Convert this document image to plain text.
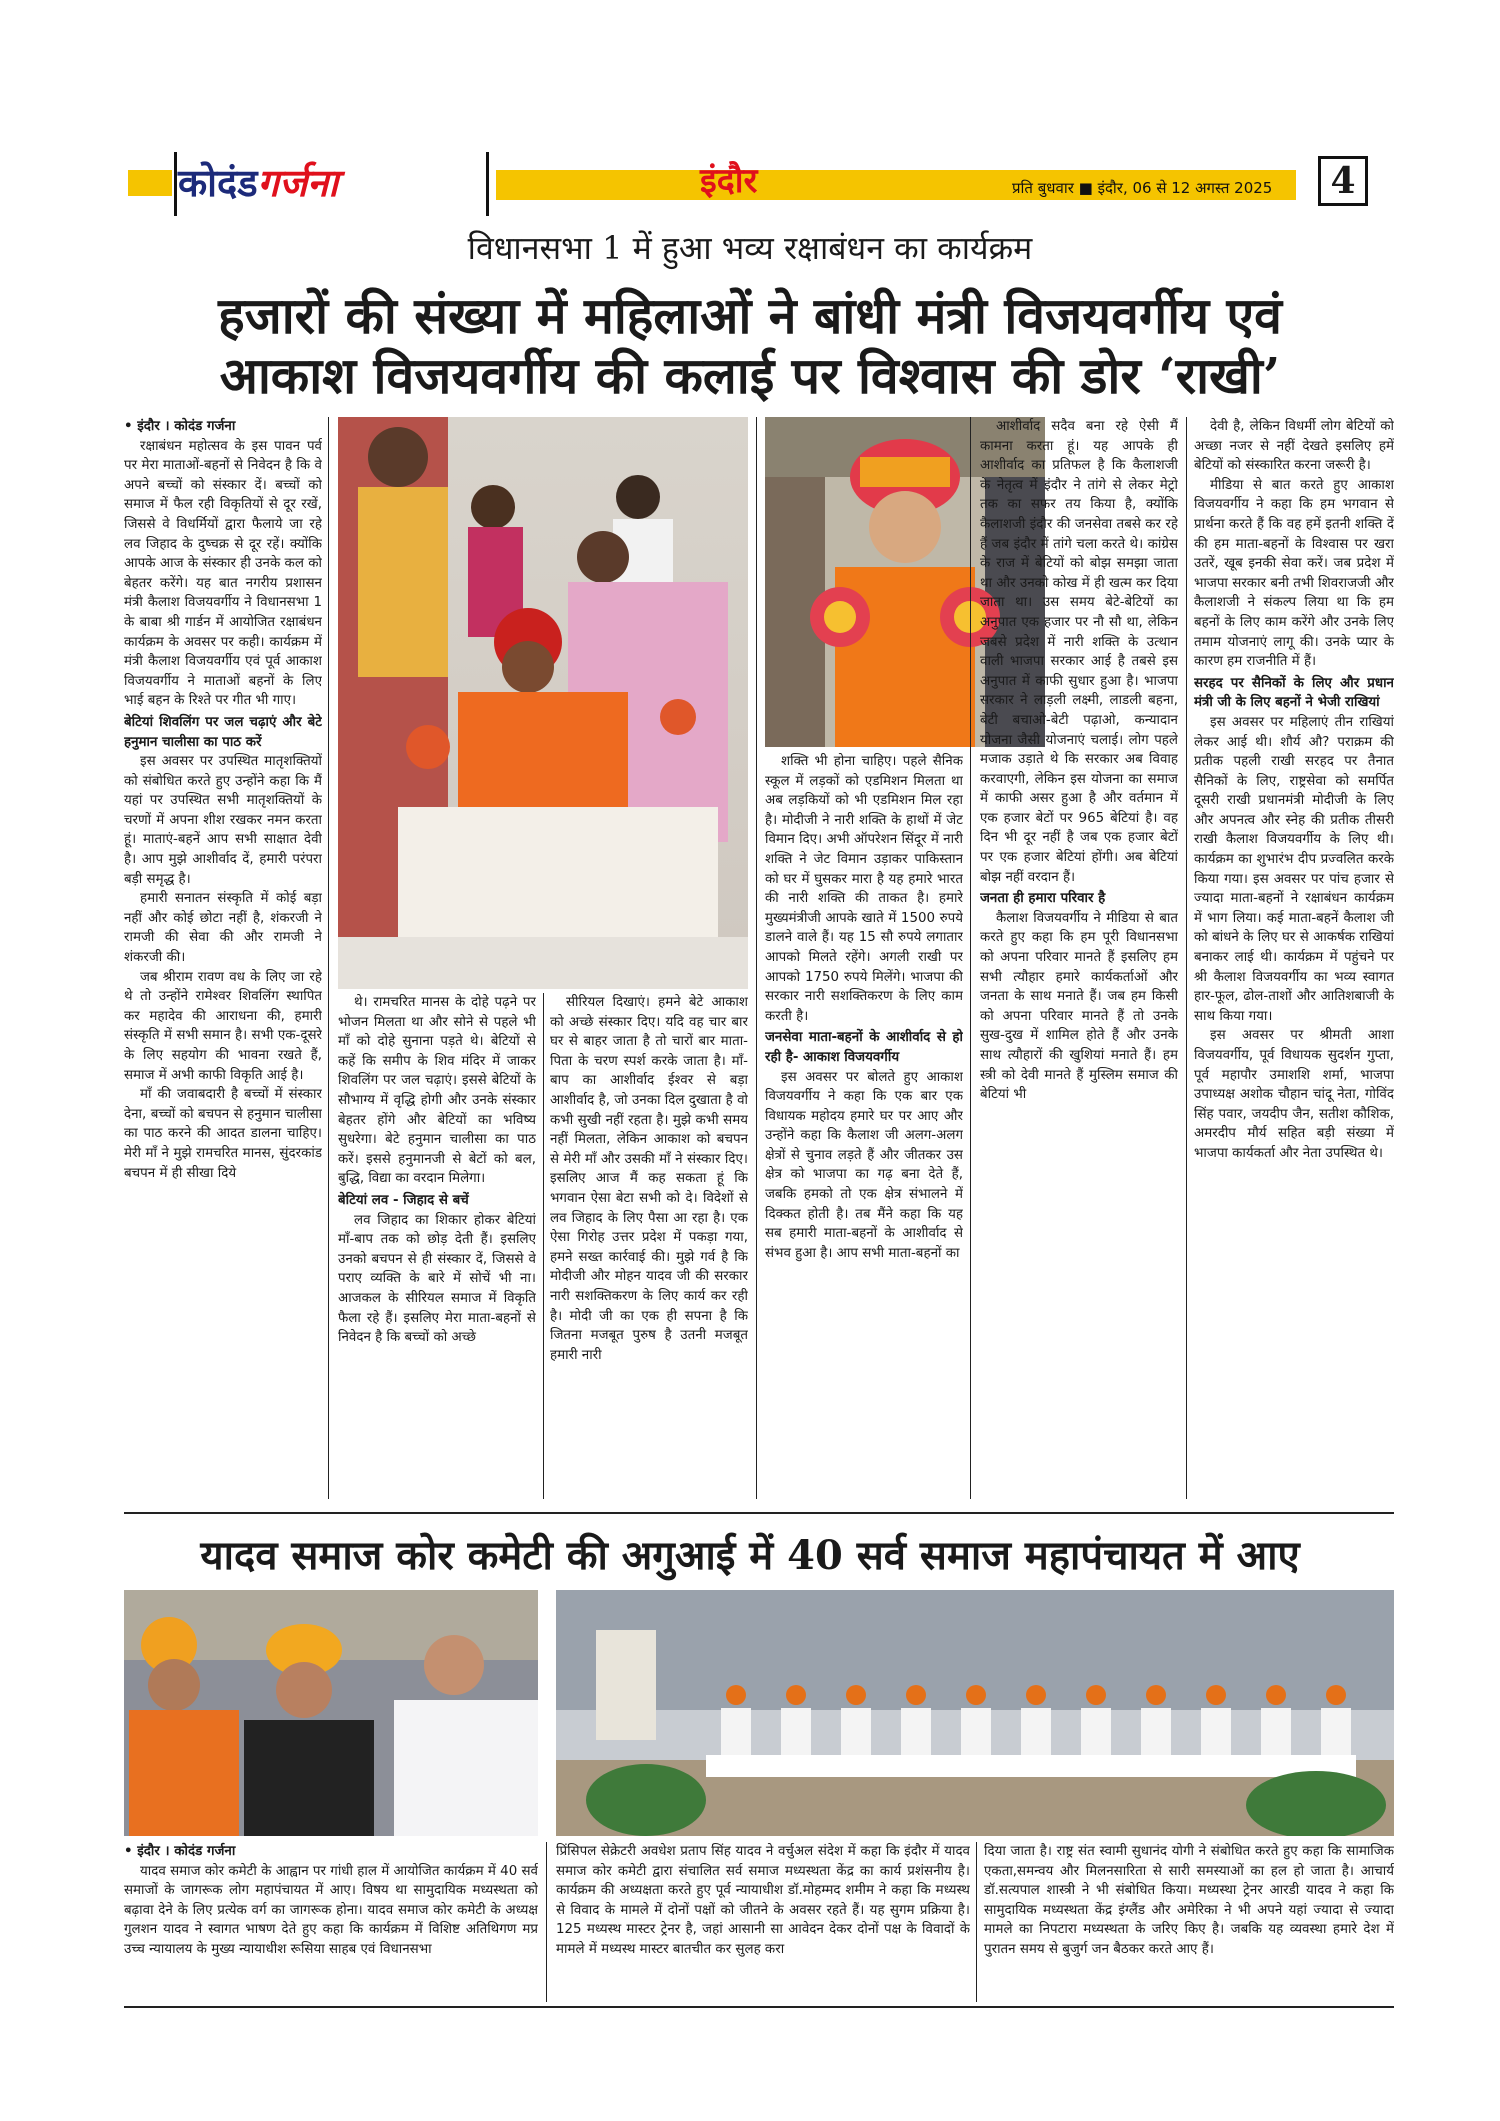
कोदंडगर्जना	इंदौर	प्रति बुधवार ■ इंदौर, 06 से 12 अगस्त 2025	4
विधानसभा 1 में हुआ भव्य रक्षाबंधन का कार्यक्रम
हजारों की संख्या में महिलाओं ने बांधी मंत्री विजयवर्गीय एवं
आकाश विजयवर्गीय की कलाई पर विश्वास की डोर ‘राखी’

• इंदौर । कोदंड गर्जना

रक्षाबंधन महोत्सव के इस पावन पर्व पर मेरा माताओं-बहनों से निवेदन है कि वे अपने बच्चों को संस्कार दें। बच्चों को समाज में फैल रही विकृतियों से दूर रखें, जिससे वे विधर्मियों द्वारा फैलाये जा रहे लव जिहाद के दुष्चक्र से दूर रहें। क्योंकि आपके आज के संस्कार ही उनके कल को बेहतर करेंगे। यह बात नगरीय प्रशासन मंत्री कैलाश विजयवर्गीय ने विधानसभा 1 के बाबा श्री गार्डन में आयोजित रक्षाबंधन कार्यक्रम के अवसर पर कही। कार्यक्रम में मंत्री कैलाश विजयवर्गीय एवं पूर्व आकाश विजयवर्गीय ने माताओं बहनों के लिए भाई बहन के रिश्ते पर गीत भी गाए।

बेटियां शिवलिंग पर जल चढ़ाएं और बेटे हनुमान चालीसा का पाठ करें

इस अवसर पर उपस्थित मातृशक्तियों को संबोधित करते हुए उन्होंने कहा कि मैं यहां पर उपस्थित सभी मातृशक्तियों के चरणों में अपना शीश रखकर नमन करता हूं। माताएं-बहनें आप सभी साक्षात देवी है। आप मुझे आशीर्वाद दें, हमारी परंपरा बड़ी समृद्ध है।

हमारी सनातन संस्कृति में कोई बड़ा नहीं और कोई छोटा नहीं है, शंकरजी ने रामजी की सेवा की और रामजी ने शंकरजी की।

जब श्रीराम रावण वध के लिए जा रहे थे तो उन्होंने रामेश्वर शिवलिंग स्थापित कर महादेव की आराधना की, हमारी संस्कृति में सभी समान है। सभी एक-दूसरे के लिए सहयोग की भावना रखते हैं, समाज में अभी काफी विकृति आई है।

माँ की जवाबदारी है बच्चों में संस्कार देना, बच्चों को बचपन से हनुमान चालीसा का पाठ करने की आदत डालना चाहिए। मेरी माँ ने मुझे रामचरित मानस, सुंदरकांड बचपन में ही सीखा दिये

थे। रामचरित मानस के दोहे पढ़ने पर भोजन मिलता था और सोने से पहले भी माँ को दोहे सुनाना पड़ते थे। बेटियों से कहें कि समीप के शिव मंदिर में जाकर शिवलिंग पर जल चढ़ाएं। इससे बेटियों के सौभाग्य में वृद्धि होगी और उनके संस्कार बेहतर होंगे और बेटियों का भविष्य सुधरेगा। बेटे हनुमान चालीसा का पाठ करें। इससे हनुमानजी से बेटों को बल, बुद्धि, विद्या का वरदान मिलेगा।

बेटियां लव - जिहाद से बचें

लव जिहाद का शिकार होकर बेटियां माँ-बाप तक को छोड़ देती हैं। इसलिए उनको बचपन से ही संस्कार दें, जिससे वे पराए व्यक्ति के बारे में सोचें भी ना। आजकल के सीरियल समाज में विकृति फैला रहे हैं। इसलिए मेरा माता-बहनों से निवेदन है कि बच्चों को अच्छे

सीरियल दिखाएं। हमने बेटे आकाश को अच्छे संस्कार दिए। यदि वह चार बार घर से बाहर जाता है तो चारों बार माता-पिता के चरण स्पर्श करके जाता है। माँ-बाप का आशीर्वाद ईश्वर से बड़ा आशीर्वाद है, जो उनका दिल दुखाता है वो कभी सुखी नहीं रहता है। मुझे कभी समय नहीं मिलता, लेकिन आकाश को बचपन से मेरी माँ और उसकी माँ ने संस्कार दिए। इसलिए आज मैं कह सकता हूं कि भगवान ऐसा बेटा सभी को दे। विदेशों से लव जिहाद के लिए पैसा आ रहा है। एक ऐसा गिरोह उत्तर प्रदेश में पकड़ा गया, हमने सख्त कार्रवाई की। मुझे गर्व है कि मोदीजी और मोहन यादव जी की सरकार नारी सशक्तिकरण के लिए कार्य कर रही है। मोदी जी का एक ही सपना है कि जितना मजबूत पुरुष है उतनी मजबूत हमारी नारी

शक्ति भी होना चाहिए। पहले सैनिक स्कूल में लड़कों को एडमिशन मिलता था अब लड़कियों को भी एडमिशन मिल रहा है। मोदीजी ने नारी शक्ति के हाथों में जेट विमान दिए। अभी ऑपरेशन सिंदूर में नारी शक्ति ने जेट विमान उड़ाकर पाकिस्तान को घर में घुसकर मारा है यह हमारे भारत की नारी शक्ति की ताकत है। हमारे मुख्यमंत्रीजी आपके खाते में 1500 रुपये डालने वाले हैं। यह 15 सौ रुपये लगातार आपको मिलते रहेंगे। अगली राखी पर आपको 1750 रुपये मिलेंगे। भाजपा की सरकार नारी सशक्तिकरण के लिए काम करती है।

जनसेवा माता-बहनों के आशीर्वाद से हो रही है- आकाश विजयवर्गीय

इस अवसर पर बोलते हुए आकाश विजयवर्गीय ने कहा कि एक बार एक विधायक महोदय हमारे घर पर आए और उन्होंने कहा कि कैलाश जी अलग-अलग क्षेत्रों से चुनाव लड़ते हैं और जीतकर उस क्षेत्र को भाजपा का गढ़ बना देते हैं, जबकि हमको तो एक क्षेत्र संभालने में दिक्कत होती है। तब मैंने कहा कि यह सब हमारी माता-बहनों के आशीर्वाद से संभव हुआ है। आप सभी माता-बहनों का

आशीर्वाद सदैव बना रहे ऐसी मैं कामना करता हूं। यह आपके ही आशीर्वाद का प्रतिफल है कि कैलाशजी के नेतृत्व में इंदौर ने तांगे से लेकर मेट्रो तक का सफर तय किया है, क्योंकि कैलाशजी इंदौर की जनसेवा तबसे कर रहे हैं जब इंदौर में तांगे चला करते थे। कांग्रेस के राज में बेटियों को बोझ समझा जाता था और उनको कोख में ही खत्म कर दिया जाता था। उस समय बेटे-बेटियों का अनुपात एक हजार पर नौ सौ था, लेकिन जबसे प्रदेश में नारी शक्ति के उत्थान वाली भाजपा सरकार आई है तबसे इस अनुपात में काफी सुधार हुआ है। भाजपा सरकार ने लाड़ली लक्ष्मी, लाडली बहना, बेटी बचाओ-बेटी पढ़ाओ, कन्यादान योजना जैसी योजनाएं चलाई। लोग पहले मजाक उड़ाते थे कि सरकार अब विवाह करवाएगी, लेकिन इस योजना का समाज में काफी असर हुआ है और वर्तमान में एक हजार बेटों पर 965 बेटियां है। वह दिन भी दूर नहीं है जब एक हजार बेटों पर एक हजार बेटियां होंगी। अब बेटियां बोझ नहीं वरदान हैं।

जनता ही हमारा परिवार है

कैलाश विजयवर्गीय ने मीडिया से बात करते हुए कहा कि हम पूरी विधानसभा को अपना परिवार मानते हैं इसलिए हम सभी त्यौहार हमारे कार्यकर्ताओं और जनता के साथ मनाते हैं। जब हम किसी को अपना परिवार मानते हैं तो उनके सुख-दुख में शामिल होते हैं और उनके साथ त्यौहारों की खुशियां मनाते हैं। हम स्त्री को देवी मानते हैं मुस्लिम समाज की बेटियां भी

देवी है, लेकिन विधर्मी लोग बेटियों को अच्छा नजर से नहीं देखते इसलिए हमें बेटियों को संस्कारित करना जरूरी है।

मीडिया से बात करते हुए आकाश विजयवर्गीय ने कहा कि हम भगवान से प्रार्थना करते हैं कि वह हमें इतनी शक्ति दें की हम माता-बहनों के विश्वास पर खरा उतरें, खूब इनकी सेवा करें। जब प्रदेश में भाजपा सरकार बनी तभी शिवराजजी और कैलाशजी ने संकल्प लिया था कि हम बहनों के लिए काम करेंगे और उनके लिए तमाम योजनाएं लागू की। उनके प्यार के कारण हम राजनीति में हैं।

सरहद पर सैनिकों के लिए और प्रधान मंत्री जी के लिए बहनों ने भेजी राखियां

इस अवसर पर महिलाएं तीन राखियां लेकर आई थी। शौर्य औ? पराक्रम की प्रतीक पहली राखी सरहद पर तैनात सैनिकों के लिए, राष्ट्रसेवा को समर्पित दूसरी राखी प्रधानमंत्री मोदीजी के लिए और अपनत्व और स्नेह की प्रतीक तीसरी राखी कैलाश विजयवर्गीय के लिए थी। कार्यक्रम का शुभारंभ दीप प्रज्वलित करके किया गया। इस अवसर पर पांच हजार से ज्यादा माता-बहनों ने रक्षाबंधन कार्यक्रम में भाग लिया। कई माता-बहनें कैलाश जी को बांधने के लिए घर से आकर्षक राखियां बनाकर लाई थी। कार्यक्रम में पहुंचने पर श्री कैलाश विजयवर्गीय का भव्य स्वागत हार-फूल, ढोल-ताशों और आतिशबाजी के साथ किया गया।

इस अवसर पर श्रीमती आशा विजयवर्गीय, पूर्व विधायक सुदर्शन गुप्ता, पूर्व महापौर उमाशशि शर्मा, भाजपा उपाध्यक्ष अशोक चौहान चांदू नेता, गोविंद सिंह पवार, जयदीप जैन, सतीश कौशिक, अमरदीप मौर्य सहित बड़ी संख्या में भाजपा कार्यकर्ता और नेता उपस्थित थे।

यादव समाज कोर कमेटी की अगुआई में 40 सर्व समाज महापंचायत में आए

• इंदौर । कोदंड गर्जना

यादव समाज कोर कमेटी के आह्वान पर गांधी हाल में आयोजित कार्यक्रम में 40 सर्व समाजों के जागरूक लोग महापंचायत में आए। विषय था सामुदायिक मध्यस्थता को बढ़ावा देने के लिए प्रत्येक वर्ग का जागरूक होना। यादव समाज कोर कमेटी के अध्यक्ष गुलशन यादव ने स्वागत भाषण देते हुए कहा कि कार्यक्रम में विशिष्ट अतिथिगण मप्र उच्च न्यायालय के मुख्य न्यायाधीश रूसिया साहब एवं विधानसभा

प्रिंसिपल सेक्रेटरी अवधेश प्रताप सिंह यादव ने वर्चुअल संदेश में कहा कि इंदौर में यादव समाज कोर कमेटी द्वारा संचालित सर्व समाज मध्यस्थता केंद्र का कार्य प्रशंसनीय है। कार्यक्रम की अध्यक्षता करते हुए पूर्व न्यायाधीश डॉ.मोहम्मद शमीम ने कहा कि मध्यस्थ से विवाद के मामले में दोनों पक्षों को जीतने के अवसर रहते हैं। यह सुगम प्रक्रिया है। 125 मध्यस्थ मास्टर ट्रेनर है, जहां आसानी सा आवेदन देकर दोनों पक्ष के विवादों के मामले में मध्यस्थ मास्टर बातचीत कर सुलह करा

दिया जाता है। राष्ट्र संत स्वामी सुधानंद योगी ने संबोधित करते हुए कहा कि सामाजिक एकता,समन्वय और मिलनसारिता से सारी समस्याओं का हल हो जाता है। आचार्य डॉ.सत्यपाल शास्त्री ने भी संबोधित किया। मध्यस्था ट्रेनर आरडी यादव ने कहा कि सामुदायिक मध्यस्थता केंद्र इंग्लैंड और अमेरिका ने भी अपने यहां ज्यादा से ज्यादा मामले का निपटारा मध्यस्थता के जरिए किए है। जबकि यह व्यवस्था हमारे देश में पुरातन समय से बुजुर्ग जन बैठकर करते आए हैं।
